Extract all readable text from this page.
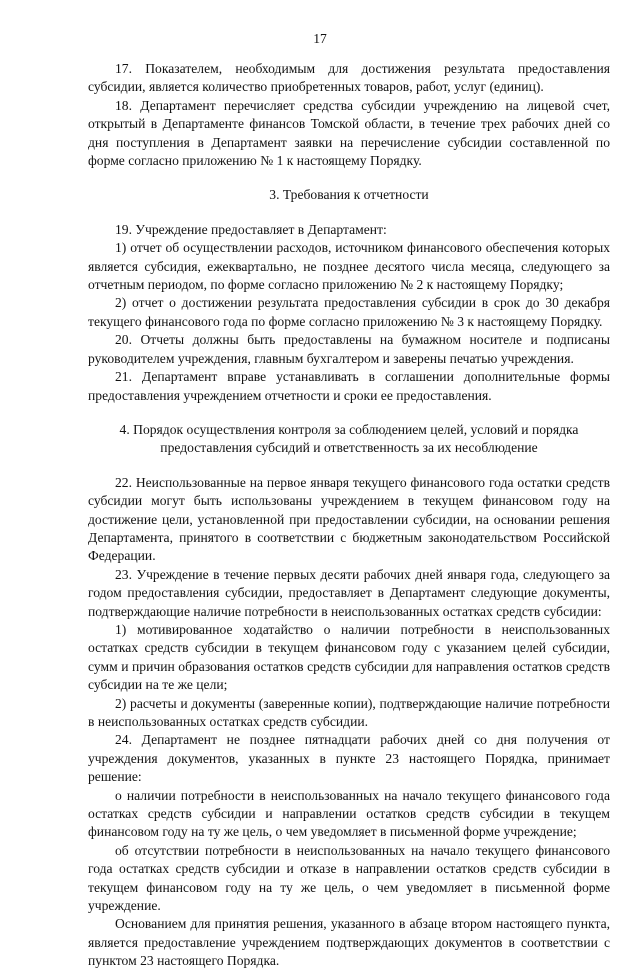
17

17. Показателем, необходимым для достижения результата предоставления субсидии, является количество приобретенных товаров, работ, услуг (единиц).

18. Департамент перечисляет средства субсидии учреждению на лицевой счет, открытый в Департаменте финансов Томской области, в течение трех рабочих дней со дня поступления в Департамент заявки на перечисление субсидии составленной по форме согласно приложению № 1 к настоящему Порядку.

3. Требования к отчетности

19. Учреждение предоставляет в Департамент:

1) отчет об осуществлении расходов, источником финансового обеспечения которых является субсидия, ежеквартально, не позднее десятого числа месяца, следующего за отчетным периодом, по форме согласно приложению № 2 к настоящему Порядку;

2) отчет о достижении результата предоставления субсидии в срок до 30 декабря текущего финансового года по форме согласно приложению № 3 к настоящему Порядку.

20. Отчеты должны быть предоставлены на бумажном носителе и подписаны руководителем учреждения, главным бухгалтером и заверены печатью учреждения.

21. Департамент вправе устанавливать в соглашении дополнительные формы предоставления учреждением отчетности и сроки ее предоставления.

4. Порядок осуществления контроля за соблюдением целей, условий и порядка
предоставления субсидий и ответственность за их несоблюдение

22. Неиспользованные на первое января текущего финансового года остатки средств субсидии могут быть использованы учреждением в текущем финансовом году на достижение цели, установленной при предоставлении субсидии, на основании решения Департамента, принятого в соответствии с бюджетным законодательством Российской Федерации.

23. Учреждение в течение первых десяти рабочих дней января года, следующего за годом предоставления субсидии, предоставляет в Департамент следующие документы, подтверждающие наличие потребности в неиспользованных остатках средств субсидии:

1) мотивированное ходатайство о наличии потребности в неиспользованных остатках средств субсидии в текущем финансовом году с указанием целей субсидии, сумм и причин образования остатков средств субсидии для направления остатков средств субсидии на те же цели;

2) расчеты и документы (заверенные копии), подтверждающие наличие потребности в неиспользованных остатках средств субсидии.

24. Департамент не позднее пятнадцати рабочих дней со дня получения от учреждения документов, указанных в пункте 23 настоящего Порядка, принимает решение:

о наличии потребности в неиспользованных на начало текущего финансового года остатках средств субсидии и направлении остатков средств субсидии в текущем финансовом году на ту же цель, о чем уведомляет в письменной форме учреждение;

об отсутствии потребности в неиспользованных на начало текущего финансового года остатках средств субсидии и отказе в направлении остатков средств субсидии в текущем финансовом году на ту же цель, о чем уведомляет в письменной форме учреждение.

Основанием для принятия решения, указанного в абзаце втором настоящего пункта, является предоставление учреждением подтверждающих документов в соответствии с пунктом 23 настоящего Порядка.
